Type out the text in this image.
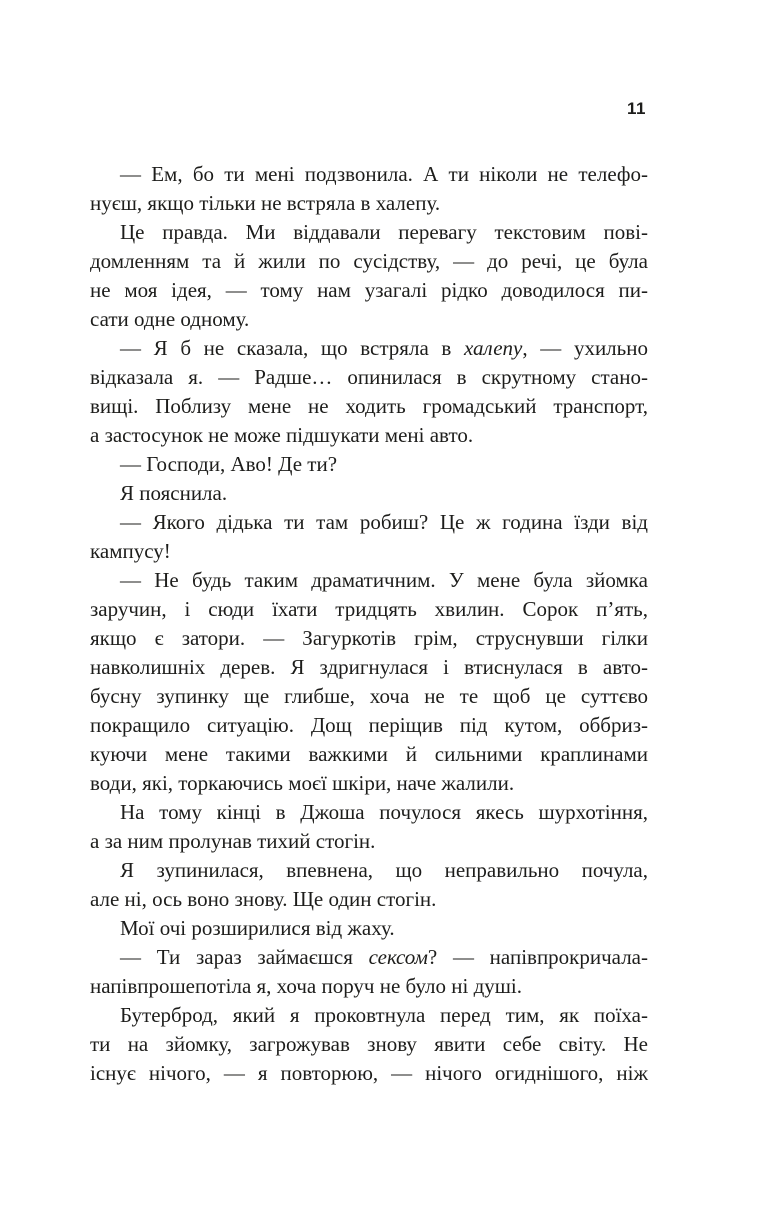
11
— Ем, бо ти мені подзвонила. А ти ніколи не телефо-
нуєш, якщо тільки не встряла в халепу.
Це правда. Ми віддавали перевагу текстовим пові-
домленням та й жили по сусідству, — до речі, це була
не моя ідея, — тому нам узагалі рідко доводилося пи-
сати одне одному.
— Я б не сказала, що встряла в халепу, — ухильно
відказала я. — Радше… опинилася в скрутному стано-
вищі. Поблизу мене не ходить громадський транспорт,
а застосунок не може підшукати мені авто.
— Господи, Аво! Де ти?
Я пояснила.
— Якого дідька ти там робиш? Це ж година їзди від
кампусу!
— Не будь таким драматичним. У мене була зйомка
заручин, і сюди їхати тридцять хвилин. Сорок п’ять,
якщо є затори. — Загуркотів грім, струснувши гілки
навколишніх дерев. Я здригнулася і втиснулася в авто-
бусну зупинку ще глибше, хоча не те щоб це суттєво
покращило ситуацію. Дощ періщив під кутом, оббриз-
куючи мене такими важкими й сильними краплинами
води, які, торкаючись моєї шкіри, наче жалили.
На тому кінці в Джоша почулося якесь шурхотіння,
а за ним пролунав тихий стогін.
Я зупинилася, впевнена, що неправильно почула,
але ні, ось воно знову. Ще один стогін.
Мої очі розширилися від жаху.
— Ти зараз займаєшся сексом? — напівпрокричала-
напівпрошепотіла я, хоча поруч не було ні душі.
Бутерброд, який я проковтнула перед тим, як поїха-
ти на зйомку, загрожував знову явити себе світу. Не
існує нічого, — я повторюю, — нічого огиднішого, ніж
